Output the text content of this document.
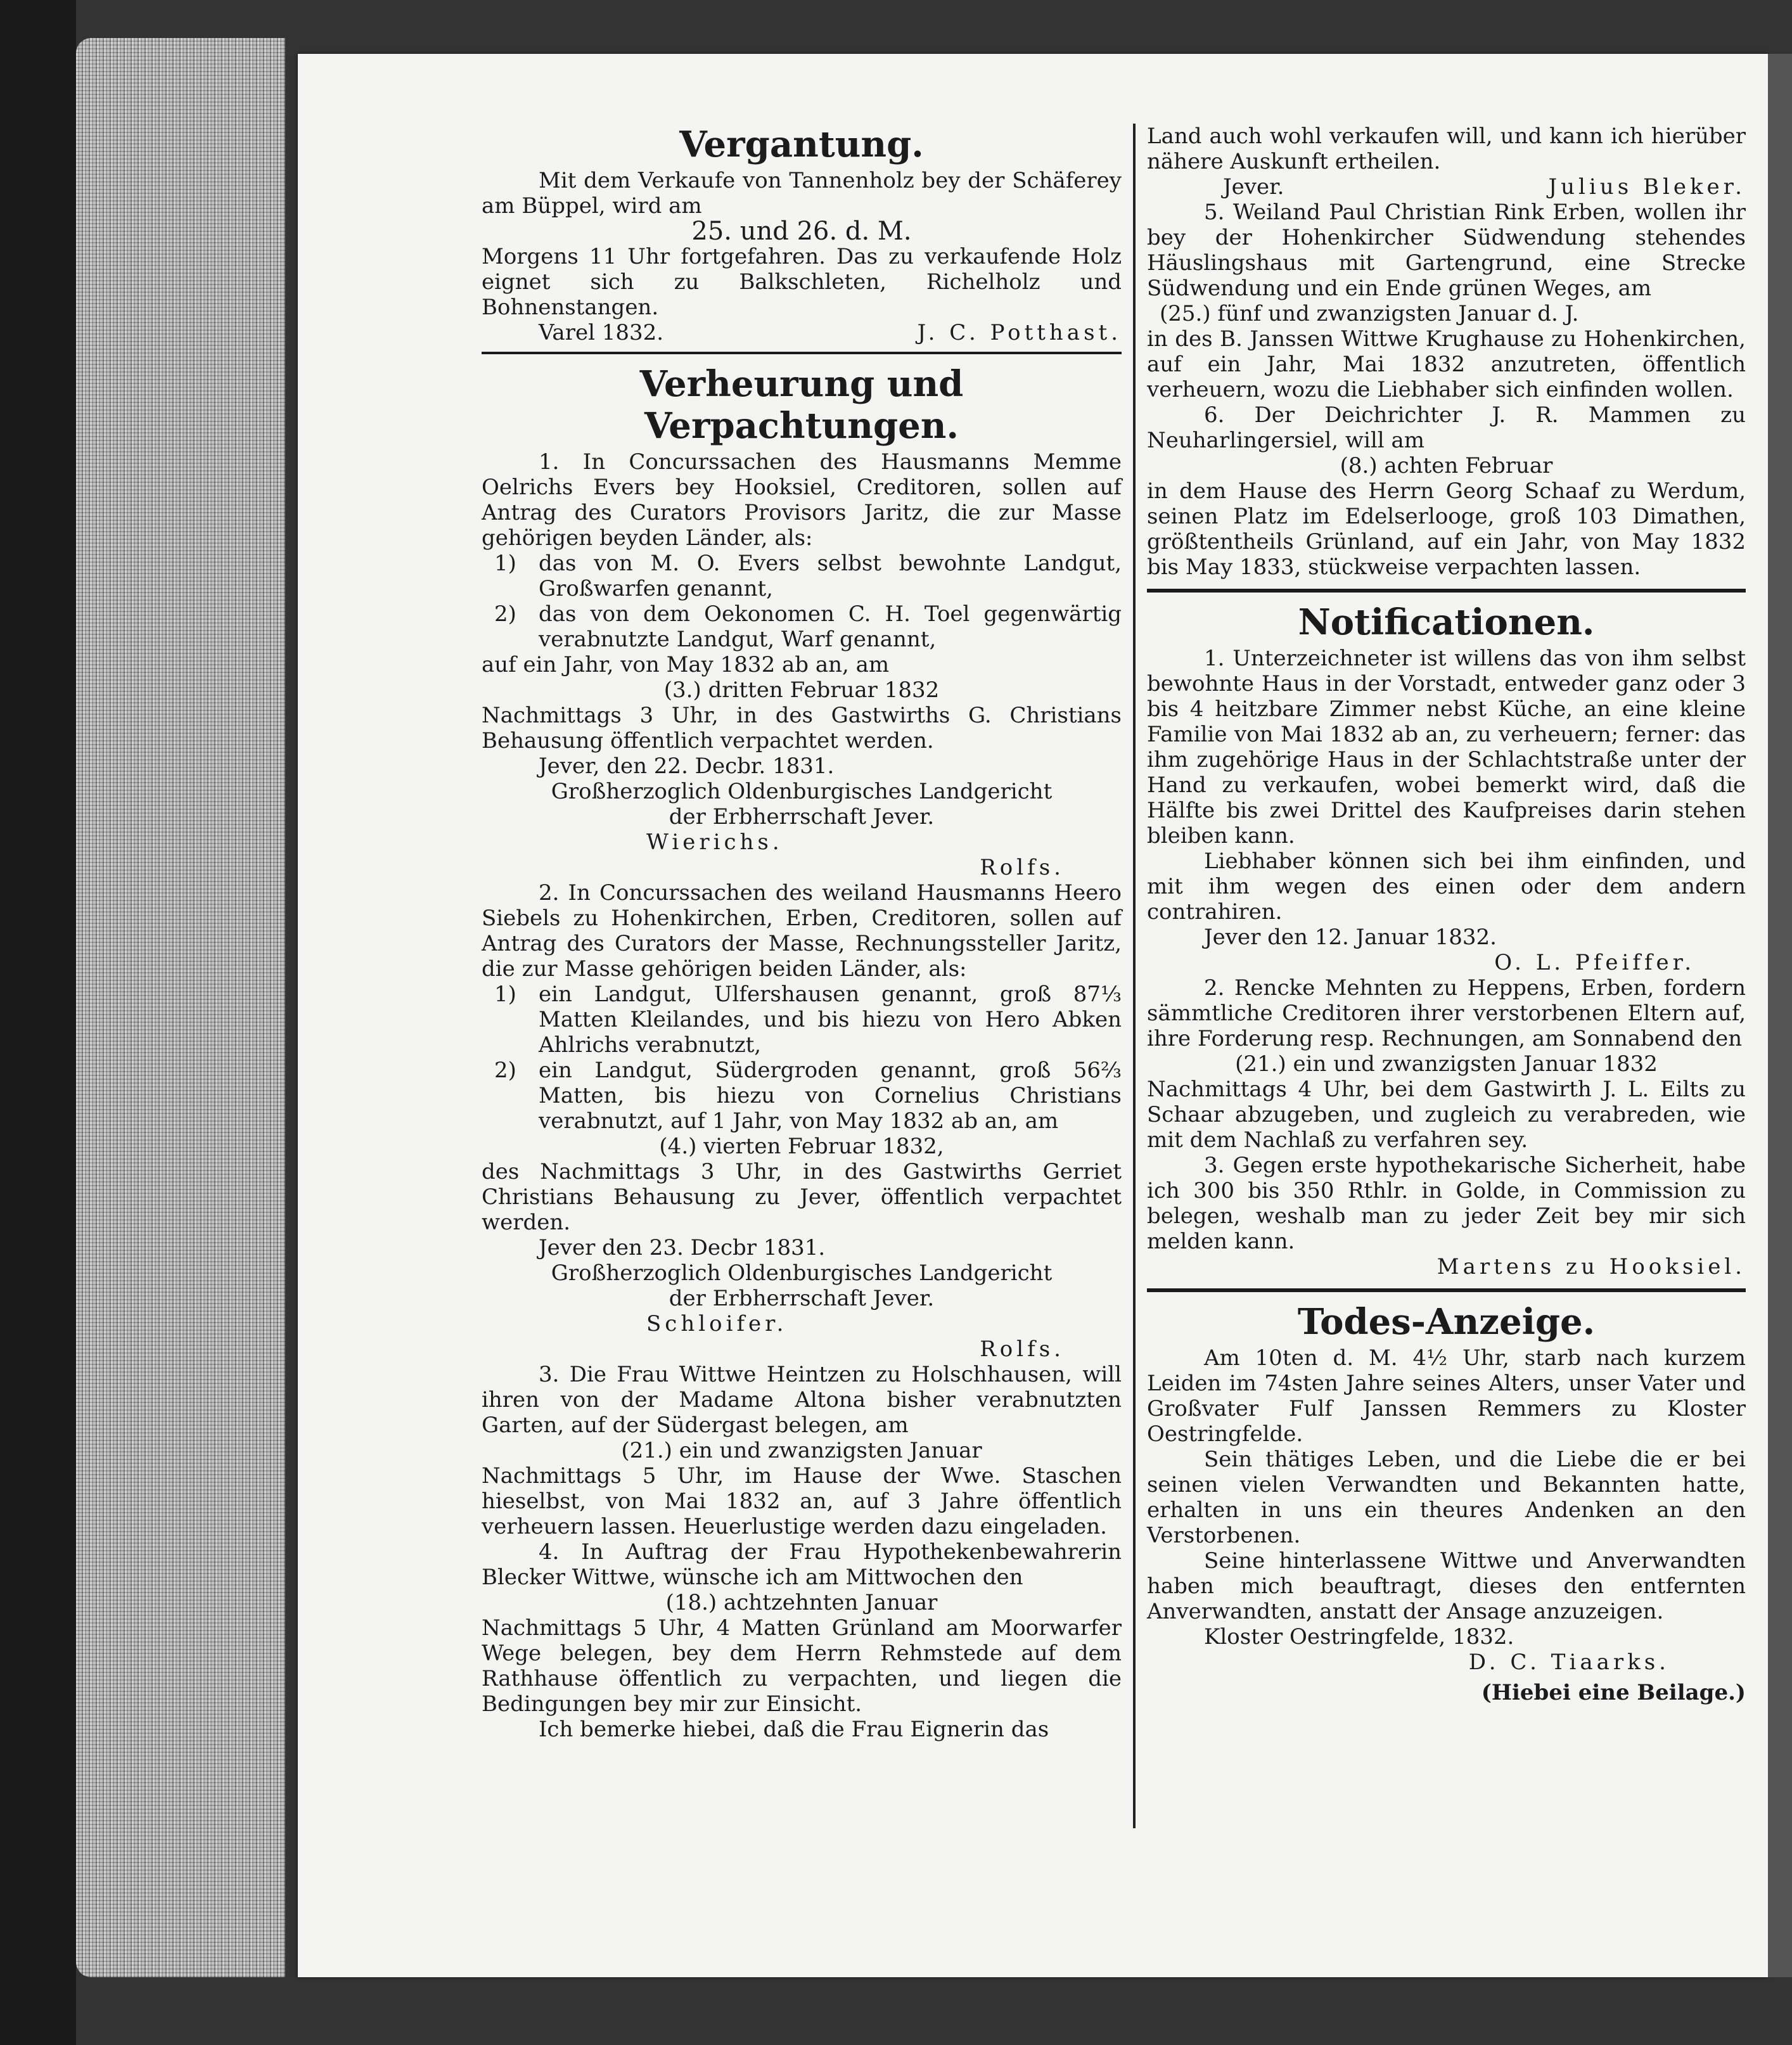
Vergantung.

Mit dem Verkaufe von Tannenholz bey der Schäferey am Büppel, wird am

25. und 26. d. M.

Morgens 11 Uhr fortgefahren. Das zu verkaufende Holz eignet sich zu Balkschleten, Richelholz und Bohnenstangen.

Varel 1832.	J. C. Potthast.

Verheurung und Verpachtungen.

1. In Concurssachen des Hausmanns Memme Oelrichs Evers bey Hooksiel, Creditoren, sollen auf Antrag des Curators Provisors Jaritz, die zur Masse gehörigen beyden Länder, als:

1)	das von M. O. Evers selbst bewohnte Landgut, Großwarfen genannt,
2)	das von dem Oekonomen C. H. Toel gegenwärtig verabnutzte Landgut, Warf genannt,

auf ein Jahr, von May 1832 ab an, am

(3.) dritten Februar 1832

Nachmittags 3 Uhr, in des Gastwirths G. Christians Behausung öffentlich verpachtet werden.

Jever, den 22. Decbr. 1831.

Großherzoglich Oldenburgisches Landgericht

der Erbherrschaft Jever.

Wierichs.

Rolfs.

2. In Concurssachen des weiland Hausmanns Heero Siebels zu Hohenkirchen, Erben, Creditoren, sollen auf Antrag des Curators der Masse, Rechnungssteller Jaritz, die zur Masse gehörigen beiden Länder, als:

1)	ein Landgut, Ulfershausen genannt, groß 87⅓ Matten Kleilandes, und bis hiezu von Hero Abken Ahlrichs verabnutzt,
2)	ein Landgut, Südergroden genannt, groß 56⅔ Matten, bis hiezu von Cornelius Christians verabnutzt, auf 1 Jahr, von May 1832 ab an, am

(4.) vierten Februar 1832,

des Nachmittags 3 Uhr, in des Gastwirths Gerriet Christians Behausung zu Jever, öffentlich verpachtet werden.

Jever den 23. Decbr 1831.

Großherzoglich Oldenburgisches Landgericht

der Erbherrschaft Jever.

Schloifer.

Rolfs.

3. Die Frau Wittwe Heintzen zu Holschhausen, will ihren von der Madame Altona bisher verabnutzten Garten, auf der Südergast belegen, am

(21.) ein und zwanzigsten Januar

Nachmittags 5 Uhr, im Hause der Wwe. Staschen hieselbst, von Mai 1832 an, auf 3 Jahre öffentlich verheuern lassen. Heuerlustige werden dazu eingeladen.

4. In Auftrag der Frau Hypothekenbewahrerin Blecker Wittwe, wünsche ich am Mittwochen den

(18.) achtzehnten Januar

Nachmittags 5 Uhr, 4 Matten Grünland am Moorwarfer Wege belegen, bey dem Herrn Rehmstede auf dem Rathhause öffentlich zu verpachten, und liegen die Bedingungen bey mir zur Einsicht.

Ich bemerke hiebei, daß die Frau Eignerin das

Land auch wohl verkaufen will, und kann ich hierüber nähere Auskunft ertheilen.

Jever.	Julius Bleker.

5. Weiland Paul Christian Rink Erben, wollen ihr bey der Hohenkircher Südwendung stehendes Häuslingshaus mit Gartengrund, eine Strecke Südwendung und ein Ende grünen Weges, am

(25.) fünf und zwanzigsten Januar d. J.

in des B. Janssen Wittwe Krughause zu Hohenkirchen, auf ein Jahr, Mai 1832 anzutreten, öffentlich verheuern, wozu die Liebhaber sich einfinden wollen.

6. Der Deichrichter J. R. Mammen zu Neuharlingersiel, will am

(8.) achten Februar

in dem Hause des Herrn Georg Schaaf zu Werdum, seinen Platz im Edelserlooge, groß 103 Dimathen, größtentheils Grünland, auf ein Jahr, von May 1832 bis May 1833, stückweise verpachten lassen.

Notificationen.

1. Unterzeichneter ist willens das von ihm selbst bewohnte Haus in der Vorstadt, entweder ganz oder 3 bis 4 heitzbare Zimmer nebst Küche, an eine kleine Familie von Mai 1832 ab an, zu verheuern; ferner: das ihm zugehörige Haus in der Schlachtstraße unter der Hand zu verkaufen, wobei bemerkt wird, daß die Hälfte bis zwei Drittel des Kaufpreises darin stehen bleiben kann.

Liebhaber können sich bei ihm einfinden, und mit ihm wegen des einen oder dem andern contrahiren.

Jever den 12. Januar 1832.

O. L. Pfeiffer.

2. Rencke Mehnten zu Heppens, Erben, fordern sämmtliche Creditoren ihrer verstorbenen Eltern auf, ihre Forderung resp. Rechnungen, am Sonnabend den

(21.) ein und zwanzigsten Januar 1832

Nachmittags 4 Uhr, bei dem Gastwirth J. L. Eilts zu Schaar abzugeben, und zugleich zu verabreden, wie mit dem Nachlaß zu verfahren sey.

3. Gegen erste hypothekarische Sicherheit, habe ich 300 bis 350 Rthlr. in Golde, in Commission zu belegen, weshalb man zu jeder Zeit bey mir sich melden kann.

Martens zu Hooksiel.

Todes-Anzeige.

Am 10ten d. M. 4½ Uhr, starb nach kurzem Leiden im 74sten Jahre seines Alters, unser Vater und Großvater Fulf Janssen Remmers zu Kloster Oestringfelde.

Sein thätiges Leben, und die Liebe die er bei seinen vielen Verwandten und Bekannten hatte, erhalten in uns ein theures Andenken an den Verstorbenen.

Seine hinterlassene Wittwe und Anverwandten haben mich beauftragt, dieses den entfernten Anverwandten, anstatt der Ansage anzuzeigen.

Kloster Oestringfelde, 1832.

D. C. Tiaarks.

(Hiebei eine Beilage.)
